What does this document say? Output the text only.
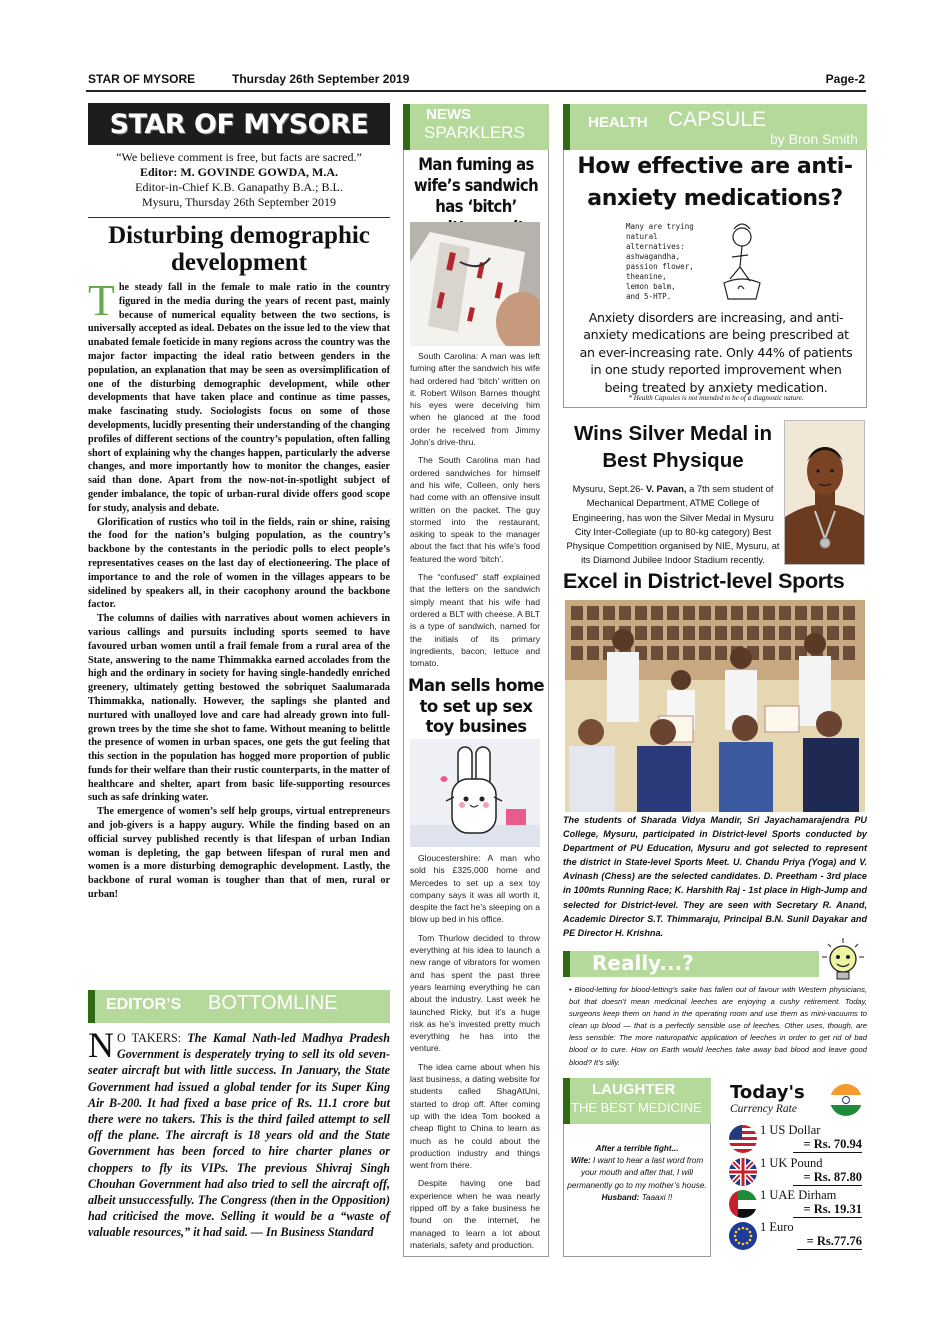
STAR OF MYSORE	Thursday 26th September 2019	Page-2
STAR OF MYSORE
“We believe comment is free, but facts are sacred.”
Editor: M. GOVINDE GOWDA, M.A.
Editor-in-Chief K.B. Ganapathy B.A.; B.L.
Mysuru, Thursday 26th September 2019
Disturbing demographic development

The steady fall in the female to male ratio in the country figured in the media during the years of recent past, mainly because of numerical equality between the two sections, is universally accepted as ideal. Debates on the issue led to the view that unabated female foeticide in many regions across the country was the major factor impacting the ideal ratio between genders in the population, an explanation that may be seen as oversimplification of one of the disturbing demographic development, while other developments that have taken place and continue as time passes, make fascinating study. Sociologists focus on some of those developments, lucidly presenting their understanding of the changing profiles of different sections of the country’s population, often falling short of explaining why the changes happen, particularly the adverse changes, and more importantly how to monitor the changes, easier said than done. Apart from the now-not-in-spotlight subject of gender imbalance, the topic of urban-rural divide offers good scope for study, analysis and debate.

Glorification of rustics who toil in the fields, rain or shine, raising the food for the nation’s bulging population, as the country’s backbone by the contestants in the periodic polls to elect people’s representatives ceases on the last day of electioneering. The place of importance to and the role of women in the villages appears to be sidelined by speakers all, in their cacophony around the backbone factor.

The columns of dailies with narratives about women achievers in various callings and pursuits including sports seemed to have favoured urban women until a frail female from a rural area of the State, answering to the name Thimmakka earned accolades from the high and the ordinary in society for having single-handedly enriched greenery, ultimately getting bestowed the sobriquet Saalumarada Thimmakka, nationally. However, the saplings she planted and nurtured with unalloyed love and care had already grown into full-grown trees by the time she shot to fame. Without meaning to belittle the presence of women in urban spaces, one gets the gut feeling that this section in the population has hogged more proportion of public funds for their welfare than their rustic counterparts, in the matter of healthcare and shelter, apart from basic life-supporting resources such as safe drinking water.

The emergence of women’s self help groups, virtual entrepreneurs and job-givers is a happy augury. While the finding based on an official survey published recently is that lifespan of urban Indian woman is depleting, the gap between lifespan of rural men and women is a more disturbing demographic development. Lastly, the backbone of rural woman is tougher than that of men, rural or urban!

EDITOR’S BOTTOMLINE
N O TAKERS: The Kamal Nath-led Madhya Pradesh Government is desperately trying to sell its old seven-seater aircraft but with little success. In January, the State Government had issued a global tender for its Super King Air B-200. It had fixed a base price of Rs. 11.1 crore but there were no takers. This is the third failed attempt to sell off the plane. The aircraft is 18 years old and the State Government has been forced to hire charter planes or choppers to fly its VIPs. The previous Shivraj Singh Chouhan Government had also tried to sell the aircraft off, albeit unsuccessfully. The Congress (then in the Opposition) had criticised the move. Selling it would be a “waste of valuable resources,” it had said. — In Business Standard
NEWS
SPARKLERS
Man fuming as wife’s sandwich has ‘bitch’

South Carolina: A man was left fuming after the sandwich his wife had ordered had ‘bitch’ written on it. Robert Wilson Barnes thought his eyes were deceiving him when he glanced at the food order he received from Jimmy John’s drive-thru.

The South Carolina man had ordered sandwiches for himself and his wife, Colleen, only hers had come with an offensive insult written on the packet. The guy stormed into the restaurant, asking to speak to the manager about the fact that his wife’s food featured the word ‘bitch’.

The “confused” staff explained that the letters on the sandwich simply meant that his wife had ordered a BLT with cheese. A BLT is a type of sandwich, named for the initials of its primary ingredients, bacon, lettuce and tomato.

Man sells home to set up sex toy busines

Gloucestershire: A man who sold his £325,000 home and Mercedes to set up a sex toy company says it was all worth it, despite the fact he’s sleeping on a blow up bed in his office.

Tom Thurlow decided to throw everything at his idea to launch a new range of vibrators for women and has spent the past three years learning everything he can about the industry. Last week he launched Ricky, but it’s a huge risk as he’s invested pretty much everything he has into the venture.

The idea came about when his last business, a dating website for students called ShagAtUni, started to drop off. After coming up with the idea Tom booked a cheap flight to China to learn as much as he could about the production industry and things went from there.

Despite having one bad experience when he was nearly ripped off by a fake business he found on the internet, he managed to learn a lot about materials, safety and production.

HEALTH CAPSULE
by Bron Smith
How effective are anti-anxiety medications?
Many are trying natural alternatives: ashwagandha, passion flower, theanine, lemon balm, and 5-HTP.
Anxiety disorders are increasing, and anti-anxiety medications are being prescribed at an ever-increasing rate. Only 44% of patients in one study reported improvement when being treated by anxiety medication.
* Health Capsules is not intended to be of a diagnostic nature.
Wins Silver Medal in Best Physique
Mysuru, Sept.26- V. Pavan, a 7th sem student of Mechanical Department, ATME College of Engineering, has won the Silver Medal in Mysuru City Inter-Collegiate (up to 80-kg category) Best Physique Competition organised by NIE, Mysuru, at its Diamond Jubilee Indoor Stadium recently.
Excel in District-level Sports
The students of Sharada Vidya Mandir, Sri Jayachamarajendra PU College, Mysuru, participated in District-level Sports conducted by Department of PU Education, Mysuru and got selected to represent the district in State-level Sports Meet. U. Chandu Priya (Yoga) and V. Avinash (Chess) are the selected candidates. D. Preetham - 3rd place in 100mts Running Race; K. Harshith Raj - 1st place in High-Jump and selected for District-level. They are seen with Secretary R. Anand, Academic Director S.T. Thimmaraju, Principal B.N. Sunil Dayakar and PE Director H. Krishna.
Really...?
• Blood-letting for blood-letting’s sake has fallen out of favour with Western physicians, but that doesn’t mean medicinal leeches are enjoying a cushy retirement. Today, surgeons keep them on hand in the operating room and use them as mini-vacuums to clean up blood — that is a perfectly sensible use of leeches. Other uses, though, are less sensible: The more naturopathic application of leeches in order to get rid of bad blood or to cure. How on Earth would leeches take away bad blood and leave good blood? It’s silly.
LAUGHTER
THE BEST MEDICINE
After a terrible fight...
Wife: I want to hear a last word from your mouth and after that, I will permanently go to my mother’s house.
Husband: Taaaxi !!
Today's
Currency Rate
1 US Dollar
= Rs. 70.94
1 UK Pound
= Rs. 87.80
1 UAE Dirham
= Rs. 19.31
1 Euro
= Rs.77.76
